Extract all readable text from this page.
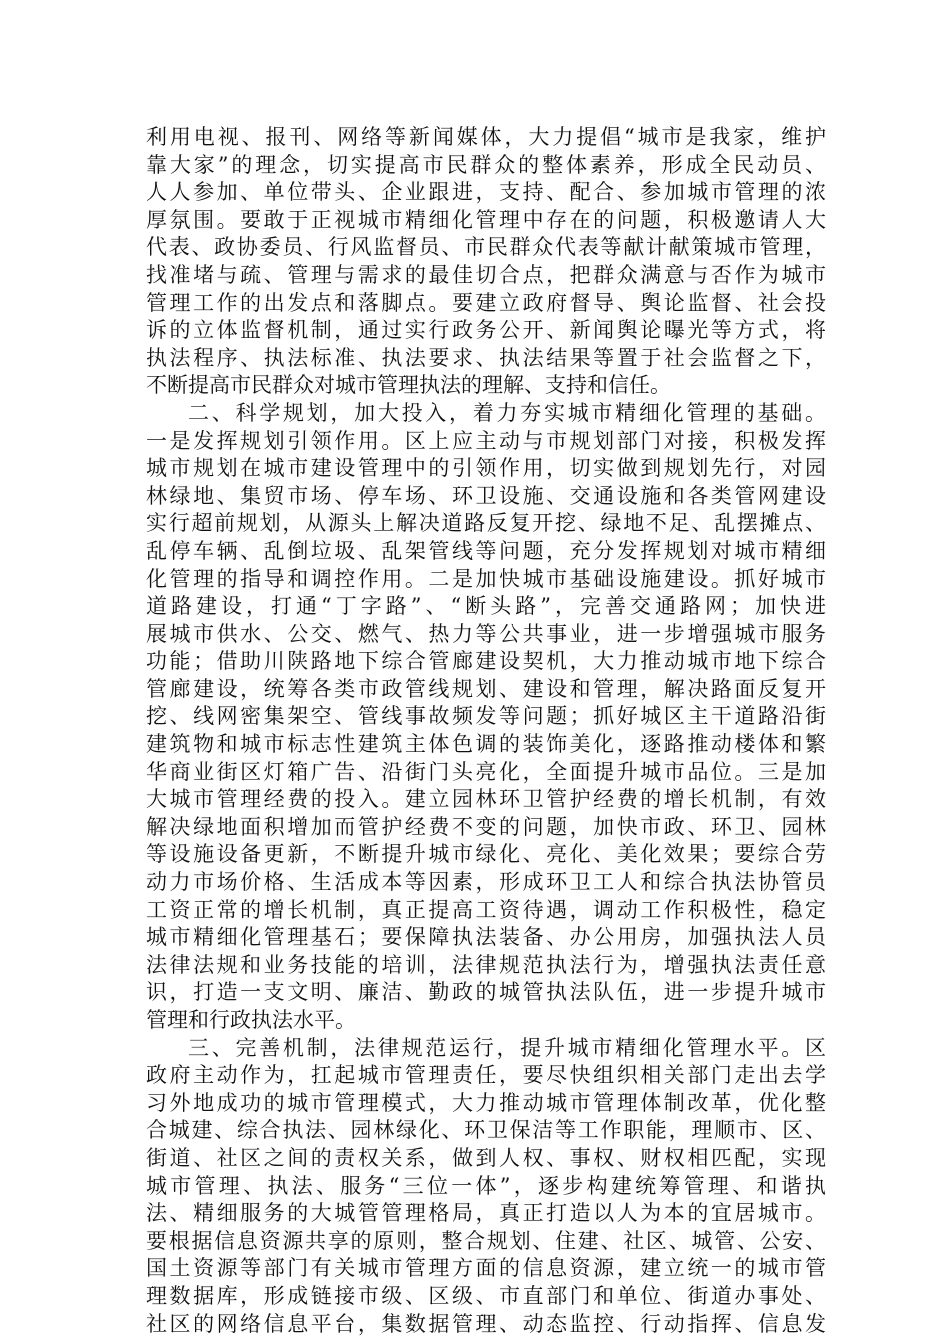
利用电视、报刊、网络等新闻媒体，大力提倡“城市是我家，维护
靠大家”的理念，切实提高市民群众的整体素养，形成全民动员、
人人参加、单位带头、企业跟进，支持、配合、参加城市管理的浓
厚氛围。要敢于正视城市精细化管理中存在的问题，积极邀请人大
代表、政协委员、行风监督员、市民群众代表等献计献策城市管理，
找准堵与疏、管理与需求的最佳切合点，把群众满意与否作为城市
管理工作的出发点和落脚点。要建立政府督导、舆论监督、社会投
诉的立体监督机制，通过实行政务公开、新闻舆论曝光等方式，将
执法程序、执法标准、执法要求、执法结果等置于社会监督之下，
不断提高市民群众对城市管理执法的理解、支持和信任。
二、科学规划，加大投入，着力夯实城市精细化管理的基础。
一是发挥规划引领作用。区上应主动与市规划部门对接，积极发挥
城市规划在城市建设管理中的引领作用，切实做到规划先行，对园
林绿地、集贸市场、停车场、环卫设施、交通设施和各类管网建设
实行超前规划，从源头上解决道路反复开挖、绿地不足、乱摆摊点、
乱停车辆、乱倒垃圾、乱架管线等问题，充分发挥规划对城市精细
化管理的指导和调控作用。二是加快城市基础设施建设。抓好城市
道路建设，打通“丁字路”、“断头路”，完善交通路网；加快进
展城市供水、公交、燃气、热力等公共事业，进一步增强城市服务
功能；借助川陕路地下综合管廊建设契机，大力推动城市地下综合
管廊建设，统筹各类市政管线规划、建设和管理，解决路面反复开
挖、线网密集架空、管线事故频发等问题；抓好城区主干道路沿街
建筑物和城市标志性建筑主体色调的装饰美化，逐路推动楼体和繁
华商业街区灯箱广告、沿街门头亮化，全面提升城市品位。三是加
大城市管理经费的投入。建立园林环卫管护经费的增长机制，有效
解决绿地面积增加而管护经费不变的问题，加快市政、环卫、园林
等设施设备更新，不断提升城市绿化、亮化、美化效果；要综合劳
动力市场价格、生活成本等因素，形成环卫工人和综合执法协管员
工资正常的增长机制，真正提高工资待遇，调动工作积极性，稳定
城市精细化管理基石；要保障执法装备、办公用房，加强执法人员
法律法规和业务技能的培训，法律规范执法行为，增强执法责任意
识，打造一支文明、廉洁、勤政的城管执法队伍，进一步提升城市
管理和行政执法水平。
三、完善机制，法律规范运行，提升城市精细化管理水平。区
政府主动作为，扛起城市管理责任，要尽快组织相关部门走出去学
习外地成功的城市管理模式，大力推动城市管理体制改革，优化整
合城建、综合执法、园林绿化、环卫保洁等工作职能，理顺市、区、
街道、社区之间的责权关系，做到人权、事权、财权相匹配，实现
城市管理、执法、服务“三位一体”，逐步构建统筹管理、和谐执
法、精细服务的大城管管理格局，真正打造以人为本的宜居城市。
要根据信息资源共享的原则，整合规划、住建、社区、城管、公安、
国土资源等部门有关城市管理方面的信息资源，建立统一的城市管
理数据库，形成链接市级、区级、市直部门和单位、街道办事处、
社区的网络信息平台，集数据管理、动态监控、行动指挥、信息发
